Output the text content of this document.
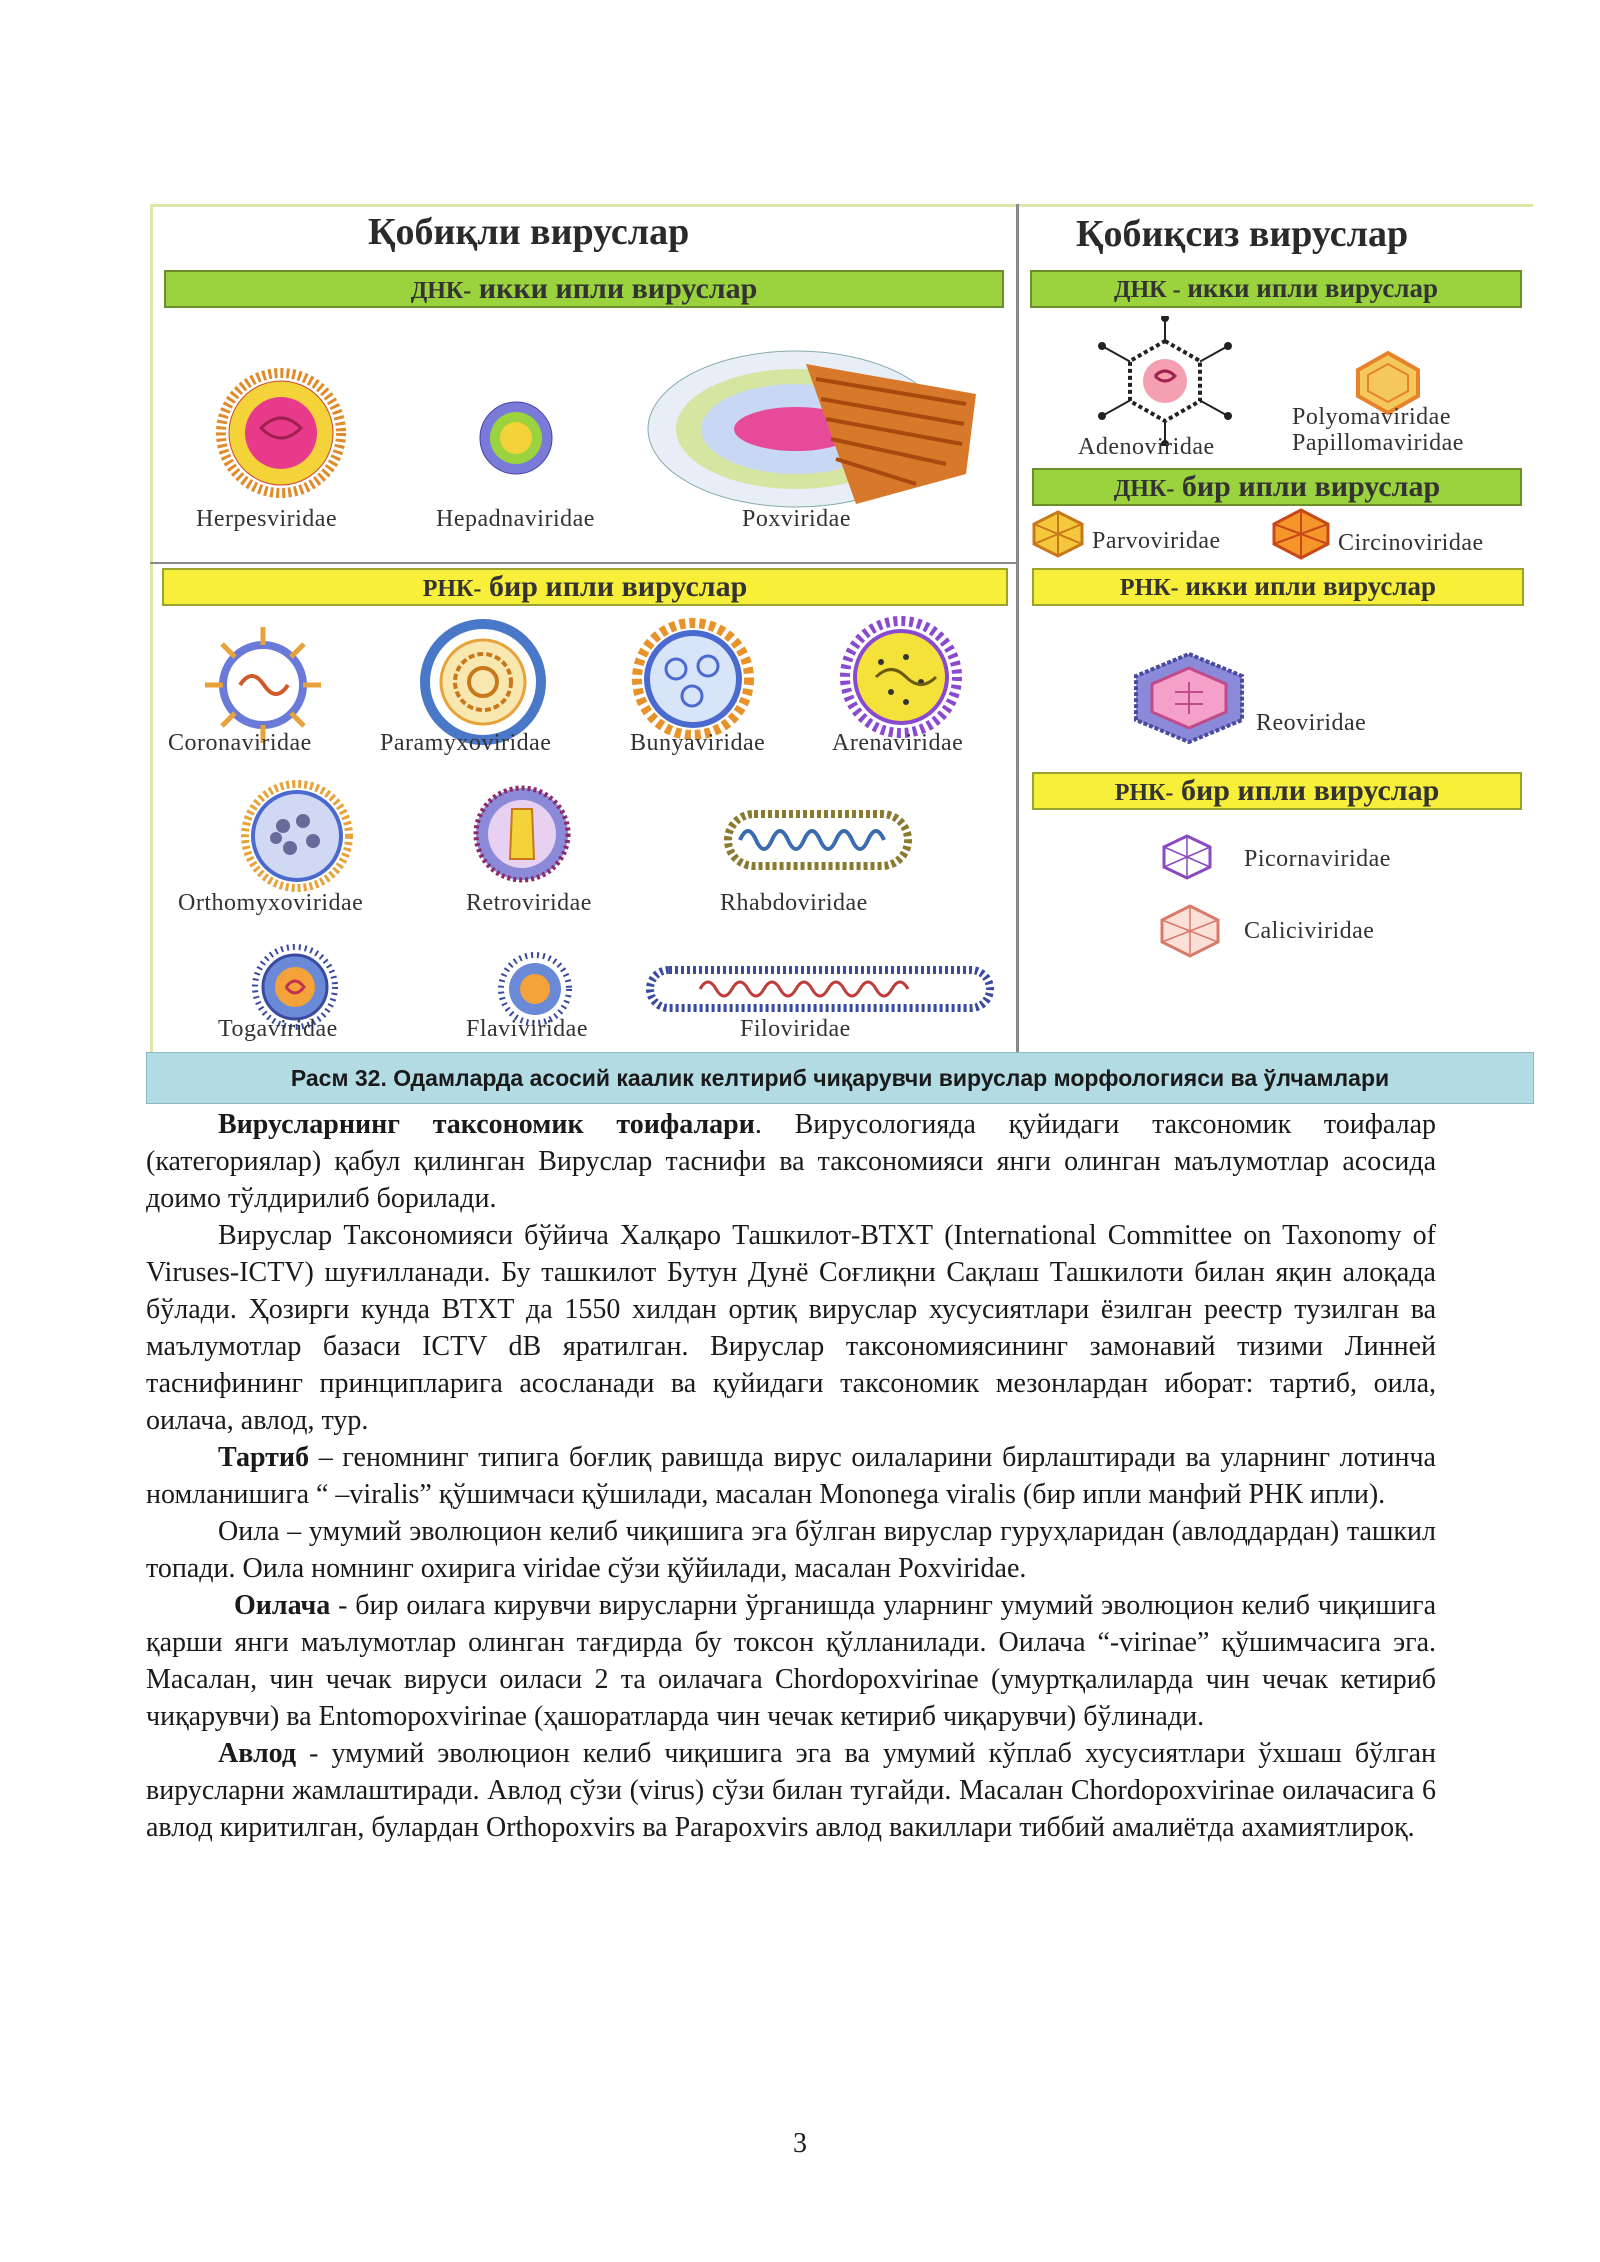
Қобиқли вируслар	Қобиқсиз вируслар
ДНК- икки ипли вируслар	ДНК - икки ипли вируслар
ДНК- бир ипли вируслар
РНК- бир ипли вируслар	РНК- икки ипли вируслар
РНК- бир ипли вируслар
Herpesviridae	Hepadnaviridae	Poxviridae
Coronaviridae	Paramyxoviridae	Bunyaviridae	Arenaviridae
Orthomyxoviridae	Retroviridae	Rhabdoviridae
Togaviridae	Flaviviridae	Filoviridae
Adenoviridae
Polyomaviridae
Papillomaviridae
Parvoviridae	Circinoviridae
Reoviridae
Picornaviridae
Caliciviridae
Расм 32. Одамларда асосий каалик келтириб чиқарувчи вируслар морфологияси ва ўлчамлари

Вирусларнинг таксономик тоифалари. Вирусологияда қуйидаги таксономик тоифалар (категориялар) қабул қилинган Вируслар таснифи ва таксономияси янги олинган маълумотлар асосида доимо тўлдирилиб борилади.

Вируслар Таксономияси бўйича Халқаро Ташкилот-ВТХТ (International Committee on Taxonomy of Viruses-ICTV) шуғилланади. Бу ташкилот Бутун Дунё Соғлиқни Сақлаш Ташкилоти билан яқин алоқада бўлади. Ҳозирги кунда ВТХТ да 1550 хилдан ортиқ вируслар хусусиятлари ёзилган реестр тузилган ва маълумотлар базаси ICTV dB яратилган. Вируслар таксономиясининг замонавий тизими Линней таснифининг принципларига асосланади ва қуйидаги таксономик мезонлардан иборат: тартиб, оила, оилача, авлод, тур.

Тартиб – геномнинг типига боғлиқ равишда вирус оилаларини бирлаштиради ва уларнинг лотинча номланишига “ –viralis” қўшимчаси қўшилади, масалан Mononega viralis (бир ипли манфий РНК ипли).

Оила – умумий эволюцион келиб чиқишига эга бўлган вируслар гуруҳларидан (авлоддардан) ташкил топади. Оила номнинг охирига viridae сўзи қўйилади, масалан Poxviridae.

Оилача - бир оилага кирувчи вирусларни ўрганишда уларнинг умумий эволюцион келиб чиқишига қарши янги маълумотлар олинган тағдирда бу токсон қўлланилади. Оилача “-virinae” қўшимчасига эга. Масалан, чин чечак вируси оиласи 2 та оилачага Chordopoxvirinae (умуртқалиларда чин чечак кетириб чиқарувчи) ва Entomopoxvirinae (ҳашоратларда чин чечак кетириб чиқарувчи) бўлинади.

Авлод - умумий эволюцион келиб чиқишига эга ва умумий кўплаб хусусиятлари ўхшаш бўлган вирусларни жамлаштиради. Авлод сўзи (virus) сўзи билан тугайди. Масалан Chordopoxvirinae оилачасига 6 авлод киритилган, булардан Orthopoxvirs ва Parapoxvirs авлод вакиллари тиббий амалиётда ахамиятлироқ.

3
